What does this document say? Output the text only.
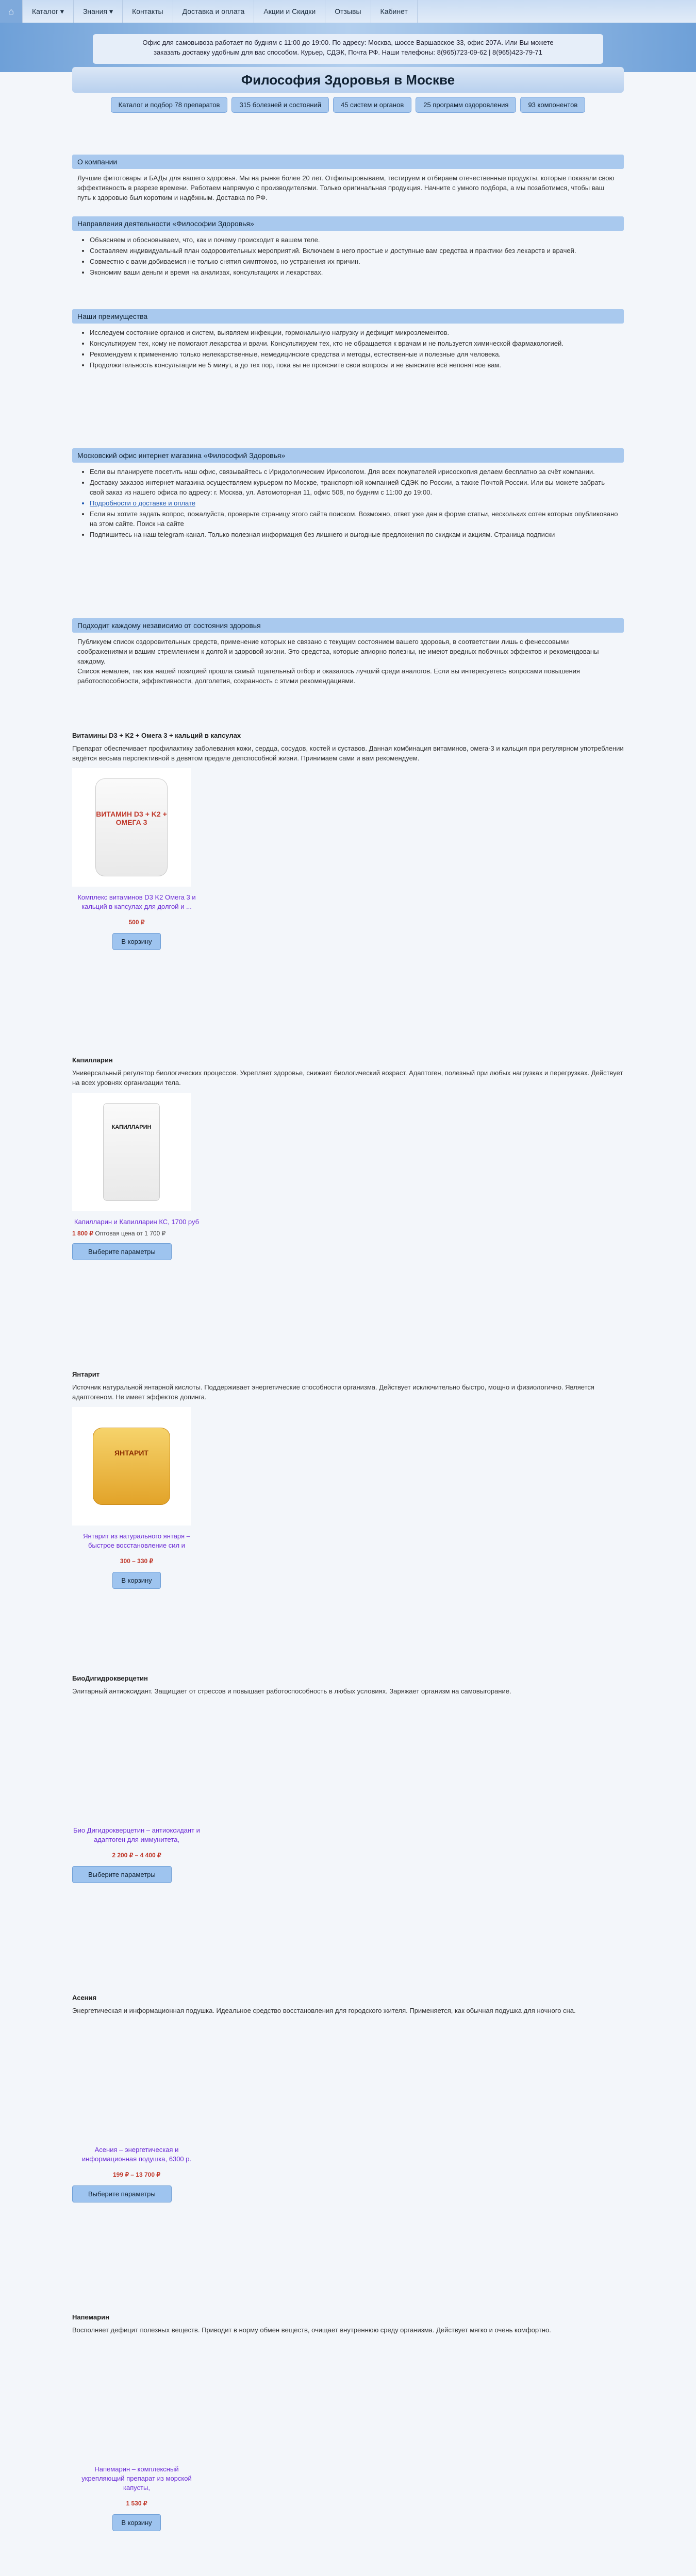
⌂	Каталог ▾	Знания ▾	Контакты	Доставка и оплата	Акции и Скидки	Отзывы	Кабинет
Офис для самовывоза работает по будням с 11:00 до 19:00. По адресу: Москва, шоссе Варшавское 33, офис 207А. Или Вы можете
заказать доставку удобным для вас способом. Курьер, СДЭК, Почта РФ. Наши телефоны: 8(965)723-09-62 | 8(965)423-79-71
Философия Здоровья в Москве
Каталог и подбор 78 препаратов	315 болезней и состояний	45 систем и органов	25 программ оздоровления	93 компонентов
О компании
Лучшие фитотовары и БАДы для вашего здоровья. Мы на рынке более 20 лет. Отфильтровываем, тестируем и отбираем отечественные продукты, которые показали свою эффективность в разрезе времени. Работаем напрямую с производителями. Только оригинальная продукция. Начните с умного подбора, а мы позаботимся, чтобы ваш путь к здоровью был коротким и надёжным. Доставка по РФ.
Направления деятельности «Философии Здоровья»
• Объясняем и обосновываем, что, как и почему происходит в вашем теле.
• Составляем индивидуальный план оздоровительных мероприятий. Включаем в него простые и доступные вам средства и практики без лекарств и врачей.
• Совместно с вами добиваемся не только снятия симптомов, но устранения их причин.
• Экономим ваши деньги и время на анализах, консультациях и лекарствах.
Наши преимущества
• Исследуем состояние органов и систем, выявляем инфекции, гормональную нагрузку и дефицит микроэлементов.
• Консультируем тех, кому не помогают лекарства и врачи. Консультируем тех, кто не обращается к врачам и не пользуется химической фармакологией.
• Рекомендуем к применению только нелекарственные, немедицинские средства и методы, естественные и полезные для человека.
• Продолжительность консультации не 5 минут, а до тех пор, пока вы не проясните свои вопросы и не выясните всё непонятное вам.
Московский офис интернет магазина «Философий Здоровья»
• Если вы планируете посетить наш офис, связывайтесь с Иридологическим Ирисологом. Для всех покупателей ирисоскопия делаем бесплатно за счёт компании.
• Доставку заказов интернет-магазина осуществляем курьером по Москве, транспортной компанией СДЭК по России, а также Почтой России. Или вы можете забрать свой заказ из нашего офиса по адресу: г. Москва, ул. Автомоторная 11, офис 508, по будням с 11:00 до 19:00.
• Подробности о доставке и оплате
• Если вы хотите задать вопрос, пожалуйста, проверьте страницу этого сайта поиском. Возможно, ответ уже дан в форме статьи, нескольких сотен которых опубликовано на этом сайте. Поиск на сайте
• Подпишитесь на наш telegram-канал. Только полезная информация без лишнего и выгодные предложения по скидкам и акциям. Страница подписки
Подходит каждому независимо от состояния здоровья
Публикуем список оздоровительных средств, применение которых не связано с текущим состоянием вашего здоровья, в соответствии лишь с фенессовыми соображениями и вашим стремлением к долгой и здоровой жизни. Это средства, которые апиорно полезны, не имеют вредных побочных эффектов и рекомендованы каждому.
Список немален, так как нашей позицией прошла самый тщательный отбор и оказалось лучший среди аналогов. Если вы интересуетесь вопросами повышения работоспособности, эффективности, долголетия, сохранность с этими рекомендациями.
Витамины D3 + K2 + Омега 3 + кальций в капсулах
Препарат обеспечивает профилактику заболевания кожи, сердца, сосудов, костей и суставов. Данная комбинация витаминов, омега-3 и кальция при регулярном употреблении ведётся весьма перспективной в девятом пределе депспособной жизни. Принимаем сами и вам рекомендуем.
ВИТАМИН D3 + K2 + ОМЕГА 3
Комплекс витаминов D3 K2 Омега 3 и кальций в капсулах для долгой и ...
500 ₽
В корзину
Капилларин
Универсальный регулятор биологических процессов. Укрепляет здоровье, снижает биологический возраст. Адаптоген, полезный при любых нагрузках и перегрузках. Действует на всех уровнях организации тела.
КАПИЛЛАРИН
Капилларин и Капилларин КС, 1700 руб
1 800 ₽ Оптовая цена от 1 700 ₽
Выберите параметры
Янтарит
Источник натуральной янтарной кислоты. Поддерживает энергетические способности организма. Действует исключительно быстро, мощно и физиологично. Является адаптогеном. Не имеет эффектов допинга.
ЯНТАРИТ
Янтарит из натурального янтаря – быстрое восстановление сил и
300 – 330 ₽
В корзину
БиоДигидрокверцетин
Элитарный антиоксидант. Защищает от стрессов и повышает работоспособность в любых условиях. Заряжает организм на самовыгорание.
Био Дигидрокверцетин – антиоксидант и адаптоген для иммунитета,
2 200 ₽ – 4 400 ₽
Выберите параметры
Асения
Энергетическая и информационная подушка. Идеальное средство восстановления для городского жителя. Применяется, как обычная подушка для ночного сна.
Асения – энергетическая и информационная подушка, 6300 р.
199 ₽ – 13 700 ₽
Выберите параметры
Напемарин
Восполняет дефицит полезных веществ. Приводит в норму обмен веществ, очищает внутреннюю среду организма. Действует мягко и очень комфортно.
Напемарин – комплексный укрепляющий препарат из морской капусты,
1 530 ₽
В корзину
